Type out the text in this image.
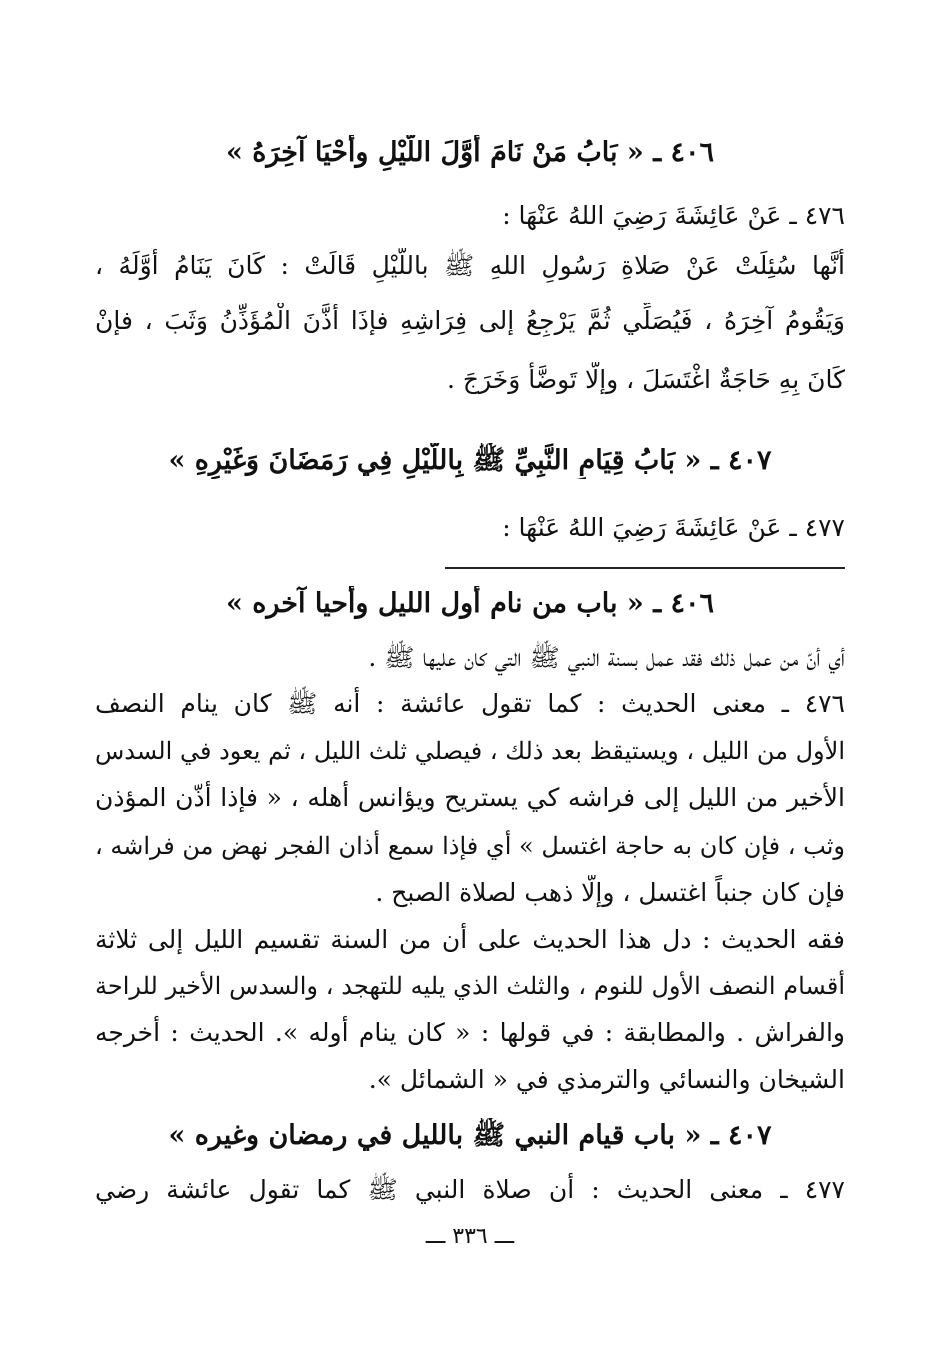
٤٠٦ ـ « بَابُ مَنْ نَامَ أَوَّلَ اللَّيْلِ وأَحْيَا آخِرَهُ »
٤٧٦ ـ عَنْ عَائِشَةَ رَضِيَ اللهُ عَنْهَا :
أَنَّها سُئِلَتْ عَنْ صَلاةِ رَسُولِ اللهِ ﷺ باللَّيْلِ قَالَتْ : كَانَ يَنَامُ أَوَّلَهُ ،
وَيَقُومُ آخِرَهُ ، فَيُصَلِّي ثُمَّ يَرْجِعُ إلى فِرَاشِهِ فإذَا أَذَّنَ الْمُؤَذِّنُ وَثَبَ ، فإنْ
كَانَ بِهِ حَاجَةٌ اغْتَسَلَ ، وإلّا تَوضَّأَ وَخَرَجَ .
٤٠٧ ـ « بَابُ قِيَامِ النَّبِيِّ ﷺ بِاللَّيْلِ فِي رَمَضَانَ وَغَيْرِهِ »
٤٧٧ ـ عَنْ عَائِشَةَ رَضِيَ اللهُ عَنْهَا :
٤٠٦ ـ « باب من نام أول الليل وأحيا آخره »
أي أنّ من عمل ذلك فقد عمل بسنة النبي ﷺ التي كان عليها ﷺ .
٤٧٦ ـ معنى الحديث : كما تقول عائشة : أنه ﷺ كان ينام النصف
الأول من الليل ، ويستيقظ بعد ذلك ، فيصلي ثلث الليل ، ثم يعود في السدس
الأخير من الليل إلى فراشه كي يستريح ويؤانس أهله ، « فإذا أذّن المؤذن
وثب ، فإن كان به حاجة اغتسل » أي فإذا سمع أذان الفجر نهض من فراشه ،
فإن كان جنباً اغتسل ، وإلّا ذهب لصلاة الصبح .
فقه الحديث : دل هذا الحديث على أن من السنة تقسيم الليل إلى ثلاثة
أقسام النصف الأول للنوم ، والثلث الذي يليه للتهجد ، والسدس الأخير للراحة
والفراش . والمطابقة : في قولها : « كان ينام أوله ». الحديث : أخرجه
الشيخان والنسائي والترمذي في « الشمائل ».
٤٠٧ ـ « باب قيام النبي ﷺ بالليل في رمضان وغيره »
٤٧٧ ـ معنى الحديث : أن صلاة النبي ﷺ كما تقول عائشة رضي
ـــ ٣٣٦ ـــ
